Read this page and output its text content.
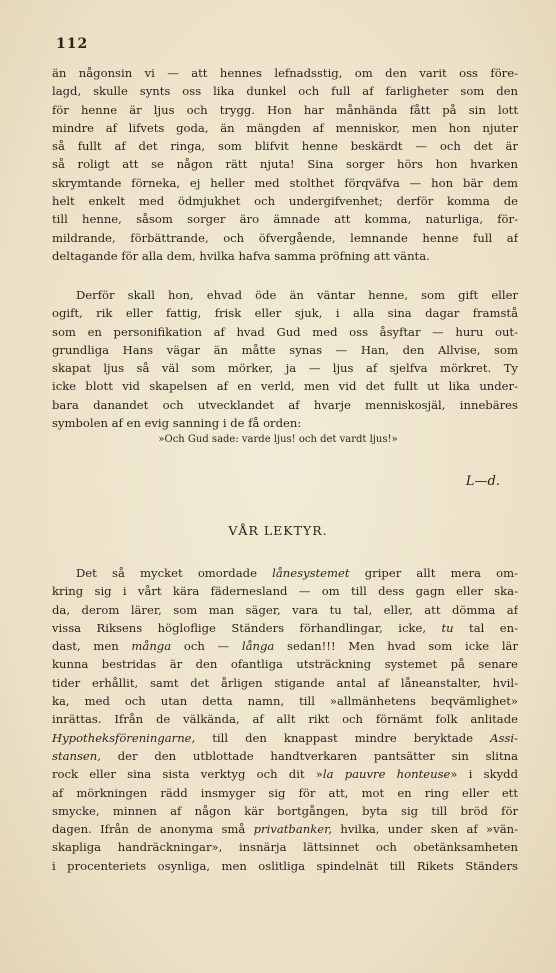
112
än någonsin vi — att hennes lefnadsstig, om den varit oss före-
lagd, skulle synts oss lika dunkel och full af farligheter som den
för henne är ljus och trygg. Hon har månhända fått på sin lott
mindre af lifvets goda, än mängden af menniskor, men hon njuter
så fullt af det ringa, som blifvit henne beskärdt — och det är
så roligt att se någon rätt njuta! Sina sorger hörs hon hvarken
skrymtande förneka, ej heller med stolthet förqväfva — hon bär dem
helt enkelt med ödmjukhet och undergifvenhet; derför komma de
till henne, såsom sorger äro ämnade att komma, naturliga, för-
mildrande, förbättrande, och öfvergående, lemnande henne full af
deltagande för alla dem, hvilka hafva samma pröfning att vänta.
Derför skall hon, ehvad öde än väntar henne, som gift eller
ogift, rik eller fattig, frisk eller sjuk, i alla sina dagar framstå
som en personifikation af hvad Gud med oss åsyftar — huru out-
grundliga Hans vägar än måtte synas — Han, den Allvise, som
skapat ljus så väl som mörker, ja — ljus af sjelfva mörkret. Ty
icke blott vid skapelsen af en verld, men vid det fullt ut lika under-
bara danandet och utvecklandet af hvarje menniskosjäl, innebäres
symbolen af en evig sanning i de få orden:
»Och Gud sade: varde ljus! och det vardt ljus!»
L—d.
VÅR LEKTYR.
Det så mycket omordade lånesystemet griper allt mera om-
kring sig i vårt kära fädernesland — om till dess gagn eller ska-
da, derom lärer, som man säger, vara tu tal, eller, att dömma af
vissa Riksens högloflige Ständers förhandlingar, icke, tu tal en-
dast, men många och — långa sedan!!! Men hvad som icke lär
kunna bestridas är den ofantliga utsträckning systemet på senare
tider erhållit, samt det årligen stigande antal af låneanstalter, hvil-
ka, med och utan detta namn, till »allmänhetens beqvämlighet»
inrättas. Ifrån de välkända, af allt rikt och förnämt folk anlitade
Hypotheksföreningarne, till den knappast mindre beryktade Assi-
stansen, der den utblottade handtverkaren pantsätter sin slitna
rock eller sina sista verktyg och dit »la pauvre honteuse» i skydd
af mörkningen rädd insmyger sig för att, mot en ring eller ett
smycke, minnen af någon kär bortgången, byta sig till bröd för
dagen. Ifrån de anonyma små privatbanker, hvilka, under sken af »vän-
skapliga handräckningar», insnärja lättsinnet och obetänksamheten
i procenteriets osynliga, men oslitliga spindelnät till Rikets Ständers
